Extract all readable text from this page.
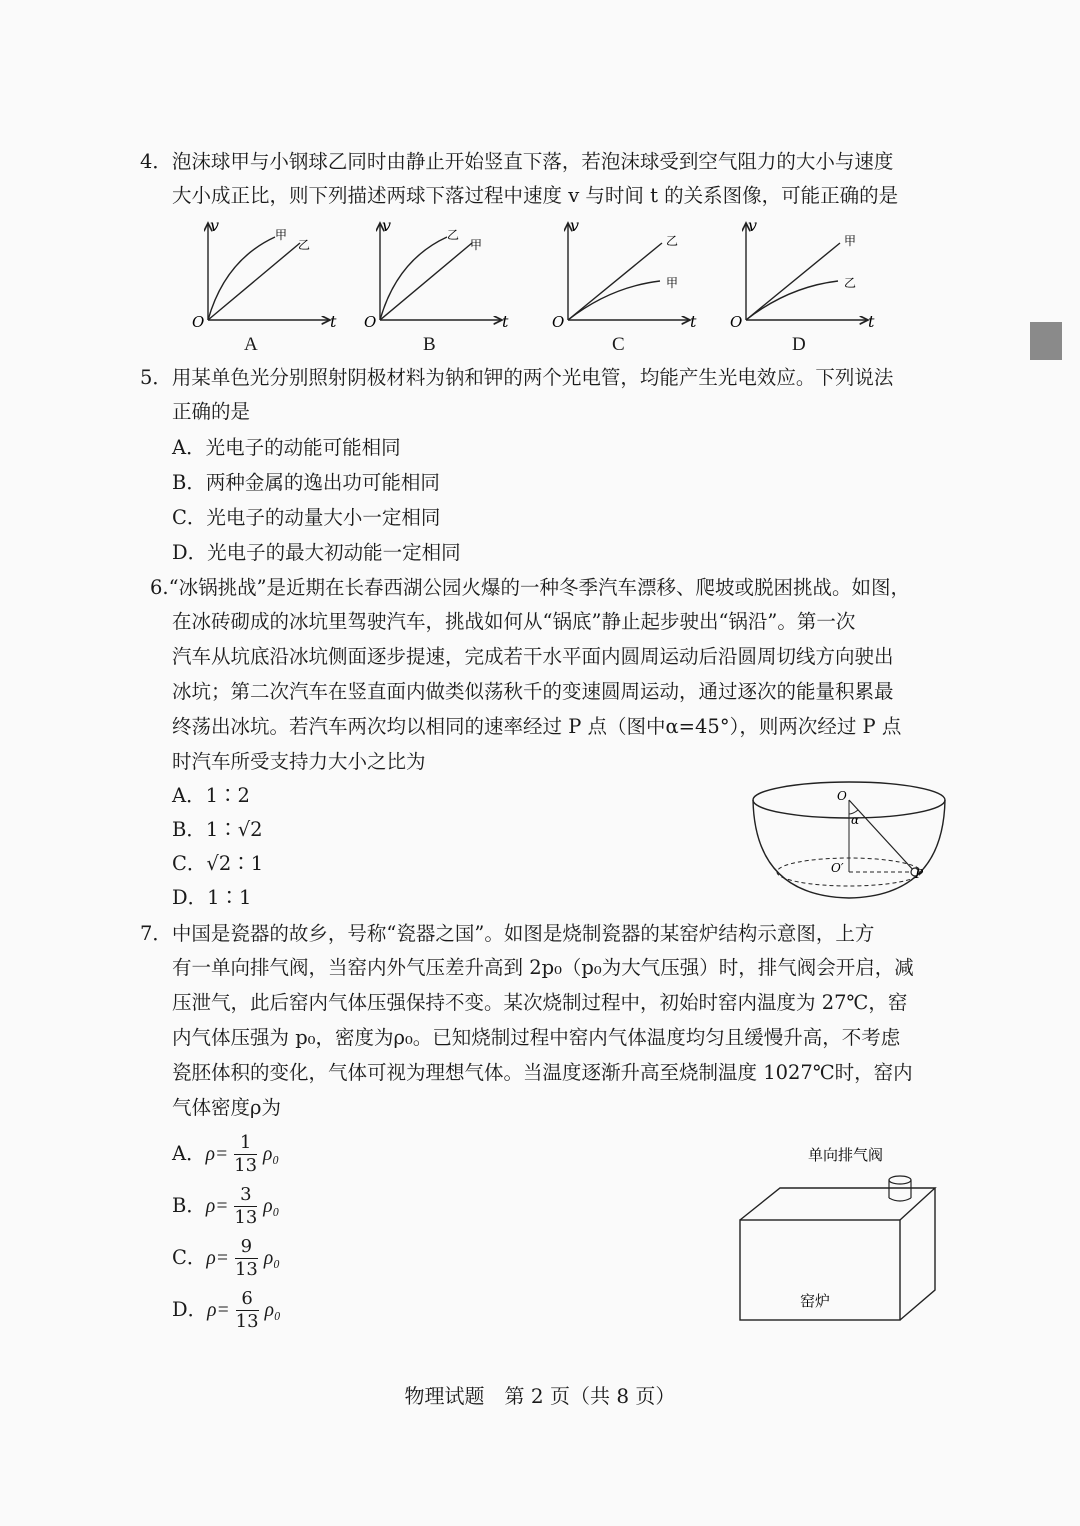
4．泡沫球甲与小钢球乙同时由静止开始竖直下落，若泡沫球受到空气阻力的大小与速度
大小成正比，则下列描述两球下落过程中速度 v 与时间 t 的关系图像，可能正确的是
v
t
O
甲
乙
v
t
O
乙
甲
v
t
O
甲
乙
v
t
O
乙
甲
A	B	C	D
5．用某单色光分别照射阴极材料为钠和钾的两个光电管，均能产生光电效应。下列说法
正确的是
A．光电子的动能可能相同
B．两种金属的逸出功可能相同
C．光电子的动量大小一定相同
D．光电子的最大初动能一定相同
6.“冰锅挑战”是近期在长春西湖公园火爆的一种冬季汽车漂移、爬坡或脱困挑战。如图，
在冰砖砌成的冰坑里驾驶汽车，挑战如何从“锅底”静止起步驶出“锅沿”。第一次
汽车从坑底沿冰坑侧面逐步提速，完成若干水平面内圆周运动后沿圆周切线方向驶出
冰坑；第二次汽车在竖直面内做类似荡秋千的变速圆周运动，通过逐次的能量积累最
终荡出冰坑。若汽车两次均以相同的速率经过 P 点（图中α=45°），则两次经过 P 点
时汽车所受支持力大小之比为
A．1∶2
B．1∶√2
C．√2∶1
D．1∶1
O
α
O′	P
7．中国是瓷器的故乡，号称“瓷器之国”。如图是烧制瓷器的某窑炉结构示意图，上方
有一单向排气阀，当窑内外气压差升高到 2p₀（p₀为大气压强）时，排气阀会开启，减
压泄气，此后窑内气体压强保持不变。某次烧制过程中，初始时窑内温度为 27℃，窑
内气体压强为 p₀，密度为ρ₀。已知烧制过程中窑内气体温度均匀且缓慢升高，不考虑
瓷胚体积的变化，气体可视为理想气体。当温度逐渐升高至烧制温度 1027℃时，窑内
气体密度ρ为
A．$\rho= \frac{1}{13} \rho_0$
B．$\rho= \frac{3}{13} \rho_0$
C．$\rho= \frac{9}{13} \rho_0$
D．$\rho= \frac{6}{13} \rho_0$
单向排气阀
窑炉
物理试题　第 2 页（共 8 页）
